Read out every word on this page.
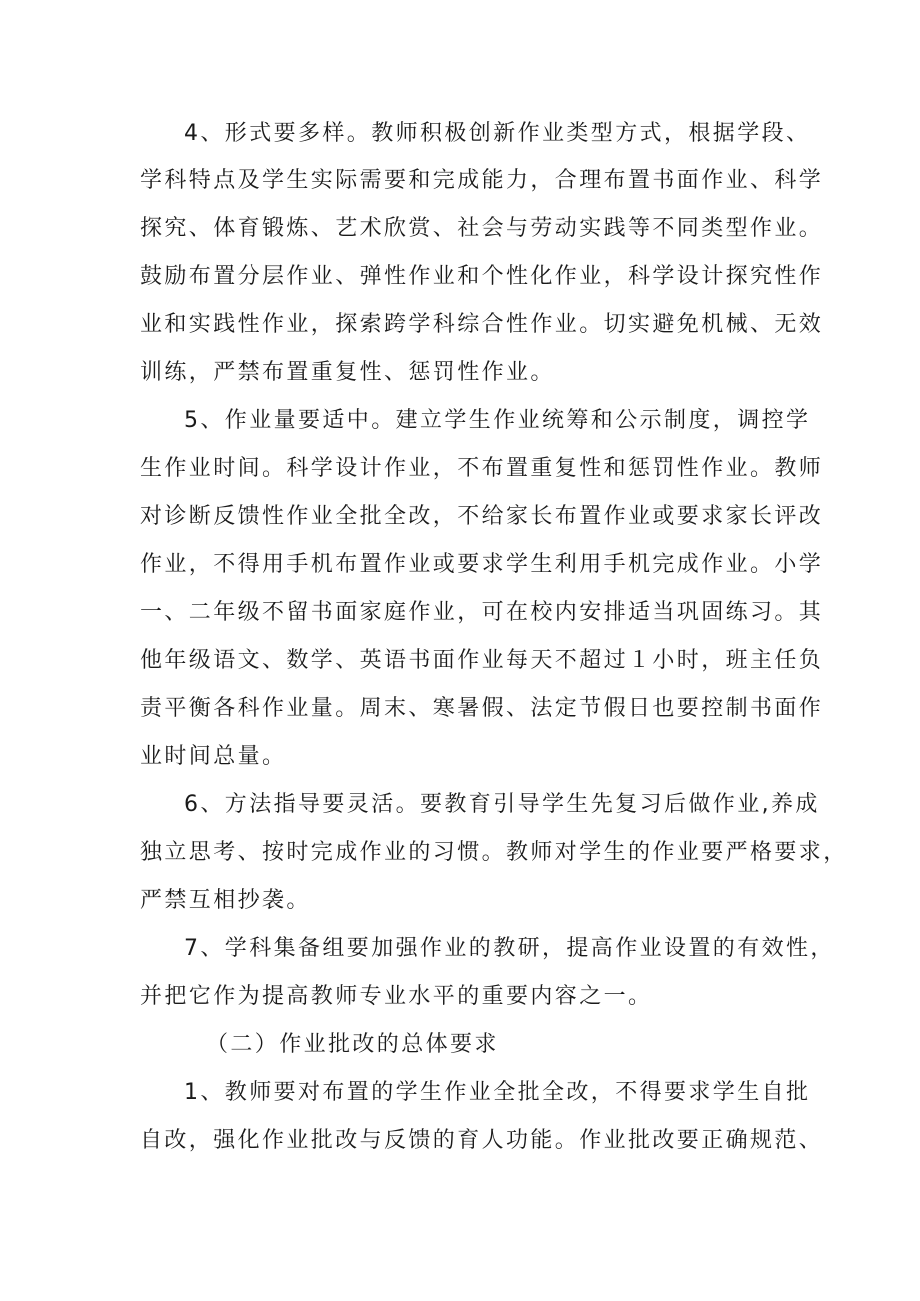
4、形式要多样。教师积极创新作业类型方式，根据学段、
学科特点及学生实际需要和完成能力，合理布置书面作业、科学
探究、体育锻炼、艺术欣赏、社会与劳动实践等不同类型作业。
鼓励布置分层作业、弹性作业和个性化作业，科学设计探究性作
业和实践性作业，探索跨学科综合性作业。切实避免机械、无效
训练，严禁布置重复性、惩罚性作业。
5、作业量要适中。建立学生作业统筹和公示制度，调控学
生作业时间。科学设计作业，不布置重复性和惩罚性作业。教师
对诊断反馈性作业全批全改，不给家长布置作业或要求家长评改
作业，不得用手机布置作业或要求学生利用手机完成作业。小学
一、二年级不留书面家庭作业，可在校内安排适当巩固练习。其
他年级语文、数学、英语书面作业每天不超过１小时，班主任负
责平衡各科作业量。周末、寒暑假、法定节假日也要控制书面作
业时间总量。
6、方法指导要灵活。要教育引导学生先复习后做作业,养成
独立思考、按时完成作业的习惯。教师对学生的作业要严格要求，
严禁互相抄袭。
7、学科集备组要加强作业的教研，提高作业设置的有效性，
并把它作为提高教师专业水平的重要内容之一。
（二）作业批改的总体要求
1、教师要对布置的学生作业全批全改，不得要求学生自批
自改，强化作业批改与反馈的育人功能。作业批改要正确规范、
